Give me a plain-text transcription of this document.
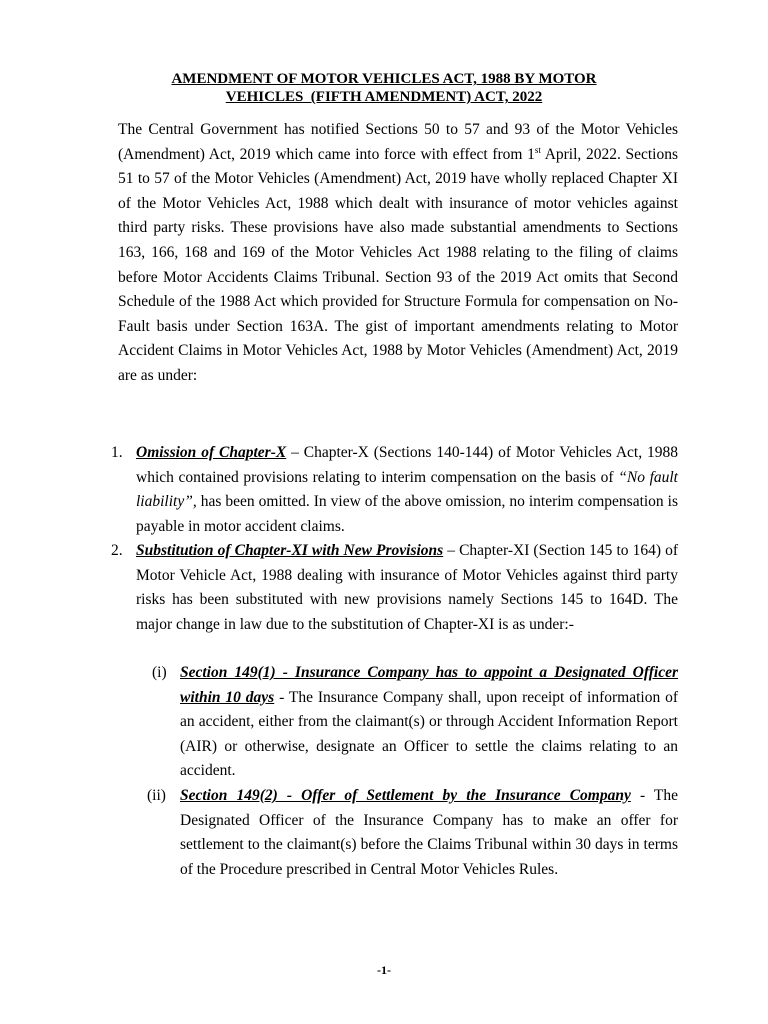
AMENDMENT OF MOTOR VEHICLES ACT, 1988 BY MOTOR
VEHICLES  (FIFTH AMENDMENT) ACT, 2022

The Central Government has notified Sections 50 to 57 and 93 of the Motor Vehicles (Amendment) Act, 2019 which came into force with effect from 1st April, 2022. Sections 51 to 57 of the Motor Vehicles (Amendment) Act, 2019 have wholly replaced Chapter XI of the Motor Vehicles Act, 1988 which dealt with insurance of motor vehicles against third party risks. These provisions have also made substantial amendments to Sections 163, 166, 168 and 169 of the Motor Vehicles Act 1988 relating to the filing of claims before Motor Accidents Claims Tribunal. Section 93 of the 2019 Act omits that Second Schedule of the 1988 Act which provided for Structure Formula for compensation on No-Fault basis under Section 163A. The gist of important amendments relating to Motor Accident Claims in Motor Vehicles Act, 1988 by Motor Vehicles (Amendment) Act, 2019 are as under:

1. Omission of Chapter-X – Chapter-X (Sections 140-144) of Motor Vehicles Act, 1988 which contained provisions relating to interim compensation on the basis of “No fault liability”, has been omitted. In view of the above omission, no interim compensation is payable in motor accident claims.

2. Substitution of Chapter-XI with New Provisions – Chapter-XI (Section 145 to 164) of Motor Vehicle Act, 1988 dealing with insurance of Motor Vehicles against third party risks has been substituted with new provisions namely Sections 145 to 164D. The major change in law due to the substitution of Chapter-XI is as under:-

(i) Section 149(1) - Insurance Company has to appoint a Designated Officer within 10 days - The Insurance Company shall, upon receipt of information of an accident, either from the claimant(s) or through Accident Information Report (AIR) or otherwise, designate an Officer to settle the claims relating to an accident.

(ii) Section 149(2) - Offer of Settlement by the Insurance Company - The Designated Officer of the Insurance Company has to make an offer for settlement to the claimant(s) before the Claims Tribunal within 30 days in terms of the Procedure prescribed in Central Motor Vehicles Rules.

-1-
